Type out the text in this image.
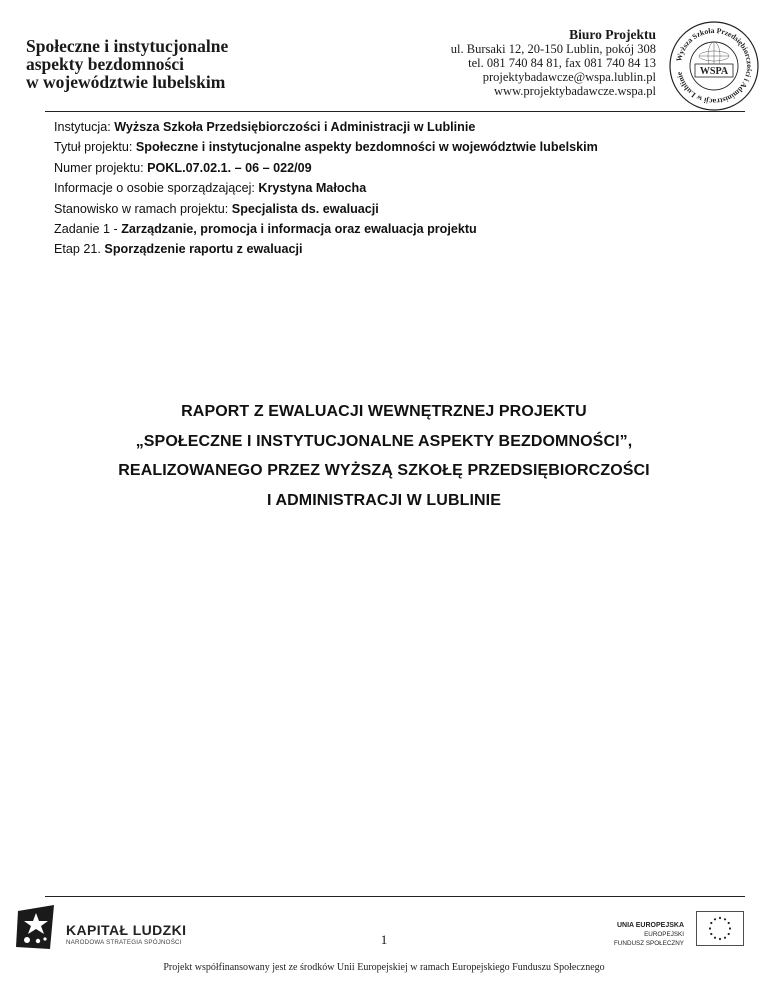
Społeczne i instytucjonalne
aspekty bezdomności
w województwie lubelskim
Biuro Projektu
ul. Bursaki 12, 20-150 Lublin, pokój 308
tel. 081 740 84 81, fax 081 740 84 13
projektybadawcze@wspa.lublin.pl
www.projektybadawcze.wspa.pl
Wyższa Szkoła Przedsiębiorczości i Administracji w Lublinie	WSPA
Instytucja: Wyższa Szkoła Przedsiębiorczości i Administracji w Lublinie
Tytuł projektu: Społeczne i instytucjonalne aspekty bezdomności w województwie lubelskim
Numer projektu: POKL.07.02.1. – 06 – 022/09
Informacje o osobie sporządzającej: Krystyna Małocha
Stanowisko w ramach projektu: Specjalista ds. ewaluacji
Zadanie 1 - Zarządzanie, promocja i informacja oraz ewaluacja projektu
Etap 21. Sporządzenie raportu z ewaluacji
RAPORT Z EWALUACJI WEWNĘTRZNEJ PROJEKTU
„SPOŁECZNE I INSTYTUCJONALNE ASPEKTY BEZDOMNOŚCI”,
REALIZOWANEGO PRZEZ WYŻSZĄ SZKOŁĘ PRZEDSIĘBIORCZOŚCI
I ADMINISTRACJI W LUBLINIE
KAPITAŁ LUDZKI
NARODOWA STRATEGIA SPÓJNOŚCI	1
UNIA EUROPEJSKA
EUROPEJSKI
FUNDUSZ SPOŁECZNY
Projekt współfinansowany jest ze środków Unii Europejskiej w ramach Europejskiego Funduszu Społecznego
